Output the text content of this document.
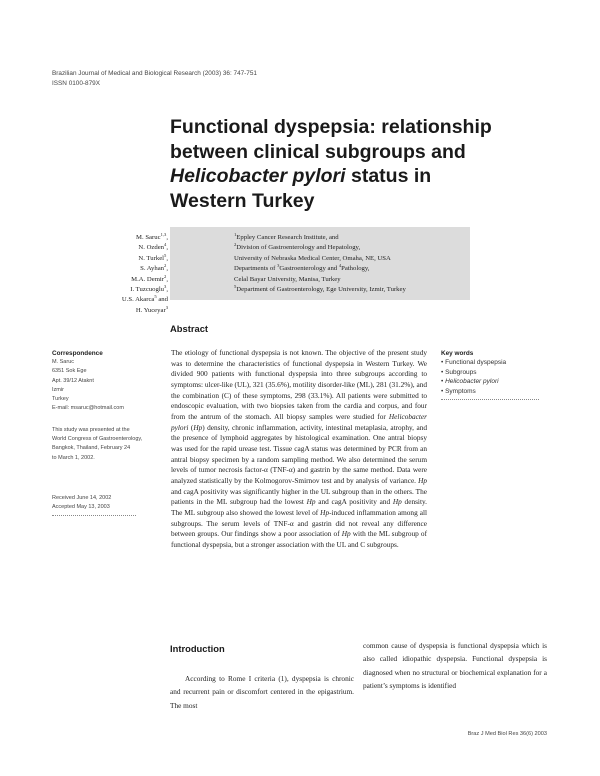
Brazilian Journal of Medical and Biological Research (2003) 36: 747-751
ISSN 0100-879X
Functional dyspepsia: relationship
between clinical subgroups and
Helicobacter pylori status in
Western Turkey
M. Saruc$^{1,3}$,
N. Ozden$^4$,
N. Turkel$^5$,
S. Ayhan$^2$,
M.A. Demir$^2$,
I. Tuzcuoglu$^3$,
U.S. Akarca$^5$ and
H. Yuceyar$^3$
$^1$Eppley Cancer Research Institute, and
$^2$Division of Gastroenterology and Hepatology,
University of Nebraska Medical Center, Omaha, NE, USA
Departments of $^3$Gastroenterology and $^4$Pathology,
Celal Bayar University, Manisa, Turkey
$^5$Department of Gastroenterology, Ege University, Izmir, Turkey
Abstract
The etiology of functional dyspepsia is not known. The objective of the present study was to determine the characteristics of functional dyspepsia in Western Turkey. We divided 900 patients with functional dyspepsia into three subgroups according to symptoms: ulcer-like (UL), 321 (35.6%), motility disorder-like (ML), 281 (31.2%), and the combination (C) of these symptoms, 298 (33.1%). All patients were submitted to endoscopic evaluation, with two biopsies taken from the cardia and corpus, and four from the antrum of the stomach. All biopsy samples were studied for Helicobacter pylori (Hp) density, chronic inflammation, activity, intestinal metaplasia, atrophy, and the presence of lymphoid aggregates by histological examination. One antral biopsy was used for the rapid urease test. Tissue cagA status was determined by PCR from an antral biopsy specimen by a random sampling method. We also determined the serum levels of tumor necrosis factor-α (TNF-α) and gastrin by the same method. Data were analyzed statistically by the Kolmogorov-Smirnov test and by analysis of variance. Hp and cagA positivity was significantly higher in the UL subgroup than in the others. The patients in the ML subgroup had the lowest Hp and cagA positivity and Hp density. The ML subgroup also showed the lowest level of Hp-induced inflammation among all subgroups. The serum levels of TNF-α and gastrin did not reveal any difference between groups. Our findings show a poor association of Hp with the ML subgroup of functional dyspepsia, but a stronger association with the UL and C subgroups.
Correspondence
M. Saruc
6351 Sok Ege
Apt. 39/12 Ataknt
Izmir
Turkey
E-mail: msaruc@hotmail.com
This study was presented at the
World Congress of Gastroenterology,
Bangkok, Thailand, February 24
to March 1, 2002.
Received June 14, 2002
Accepted May 13, 2003
Key words
• Functional dyspepsia
• Subgroups
• Helicobacter pylori
• Symptoms
Introduction
According to Rome I criteria (1), dyspepsia is chronic and recurrent pain or discomfort centered in the epigastrium. The most
common cause of dyspepsia is functional dyspepsia which is also called idiopathic dyspepsia. Functional dyspepsia is diagnosed when no structural or biochemical explanation for a patient’s symptoms is identified
Braz J Med Biol Res 36(6) 2003
